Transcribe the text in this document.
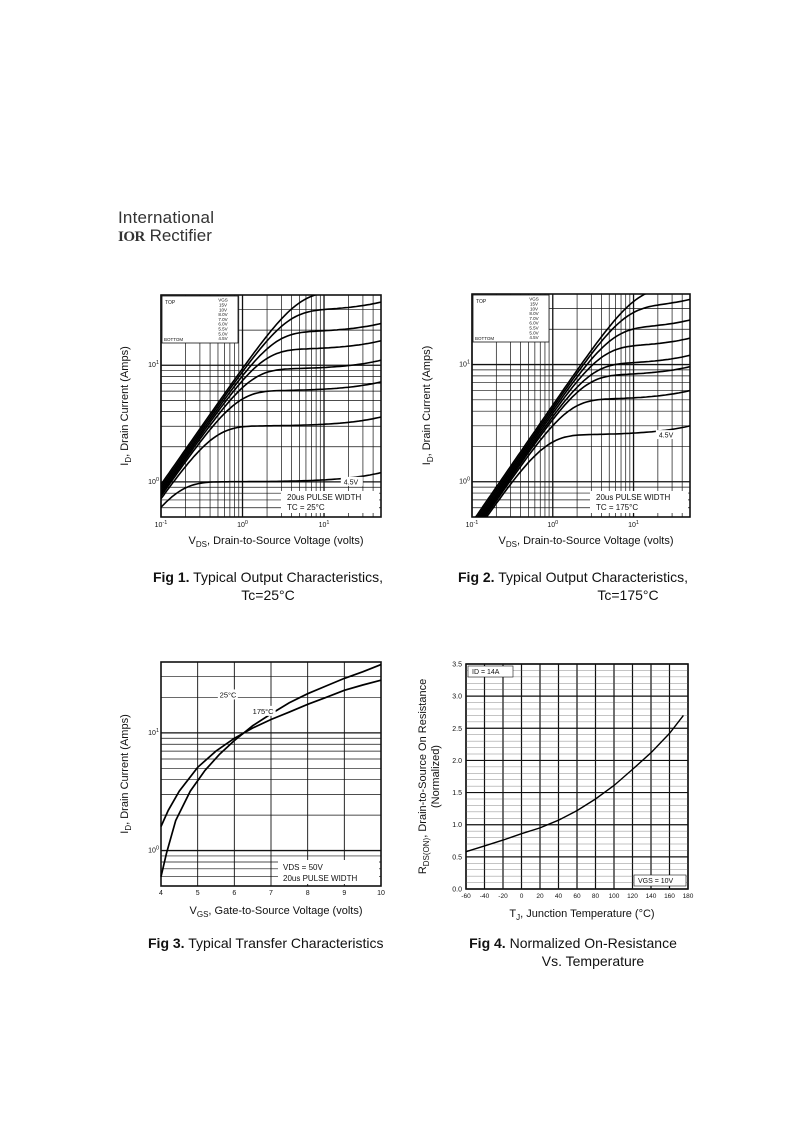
International
IOR Rectifier
TOP	VGS
15V
10V
8.0V
7.0V
6.0V
5.5V
5.0V
4.5V
BOTTOM
4.5V
20us PULSE WIDTH
TC = 25°C
$10^{-1}$	$10^0$	$10^1$
$10^1$
$10^0$
$V_{DS}$, Drain-to-Source Voltage (volts)
$I_D$, Drain Current (Amps)
TOP	VGS
15V
10V
8.0V
7.0V
6.0V
5.5V
5.0V
4.5V
BOTTOM
4.5V
20us PULSE WIDTH
TC = 175°C
$10^{-1}$	$10^0$	$10^1$
$10^1$
$10^0$
$V_{DS}$, Drain-to-Source Voltage (volts)
$I_D$, Drain Current (Amps)
25°C
175°C
VDS = 50V
20us PULSE WIDTH
4	5	6	7	8	9	10
$10^1$
$10^0$
$V_{GS}$, Gate-to-Source Voltage (volts)
$I_D$, Drain Current (Amps)
ID = 14A
VGS = 10V
-60 -40 -20 0 20 40 60 80 100 120 140 160 180
0.0
0.5
1.0
1.5
2.0
2.5
3.0
3.5
$T_J$, Junction Temperature (°C)
$R_{DS(ON)}$, Drain-to-Source On Resistance (Normalized)
Fig 1. Typical Output Characteristics,
Tc=25°C
Fig 2. Typical Output Characteristics,
Tc=175°C
Fig 3. Typical Transfer Characteristics	Fig 4. Normalized On-Resistance
Vs. Temperature
